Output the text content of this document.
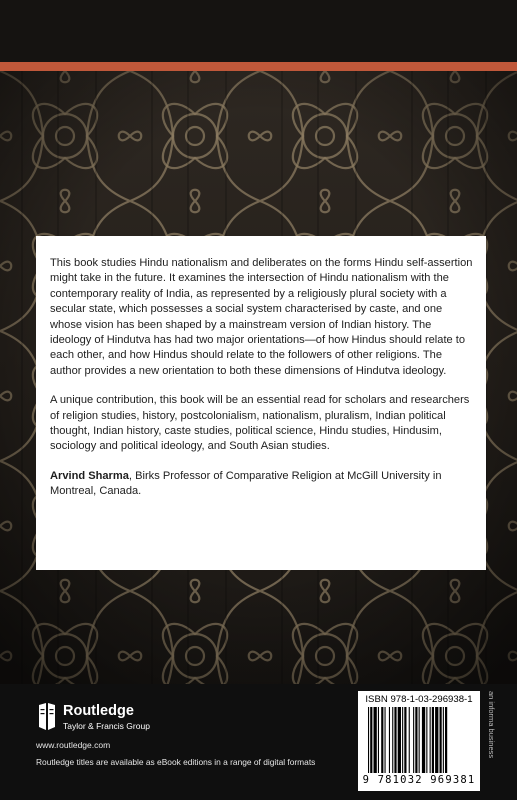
This book studies Hindu nationalism and deliberates on the forms Hindu self-assertion might take in the future. It examines the intersection of Hindu nationalism with the contemporary reality of India, as represented by a religiously plural society with a secular state, which possesses a social system characterised by caste, and one whose vision has been shaped by a mainstream version of Indian history. The ideology of Hindutva has had two major orientations—of how Hindus should relate to each other, and how Hindus should relate to the followers of other religions. The author provides a new orientation to both these dimensions of Hindutva ideology.

A unique contribution, this book will be an essential read for scholars and researchers of religion studies, history, postcolonialism, nationalism, pluralism, Indian political thought, Indian history, caste studies, political science, Hindu studies, Hindusim, sociology and political ideology, and South Asian studies.

Arvind Sharma, Birks Professor of Comparative Religion at McGill University in Montreal, Canada.

Routledge
Taylor & Francis Group
www.routledge.com
Routledge titles are available as eBook editions in a range of digital formats
ISBN 978-1-03-296938-1
9 781032 969381
an informa business
